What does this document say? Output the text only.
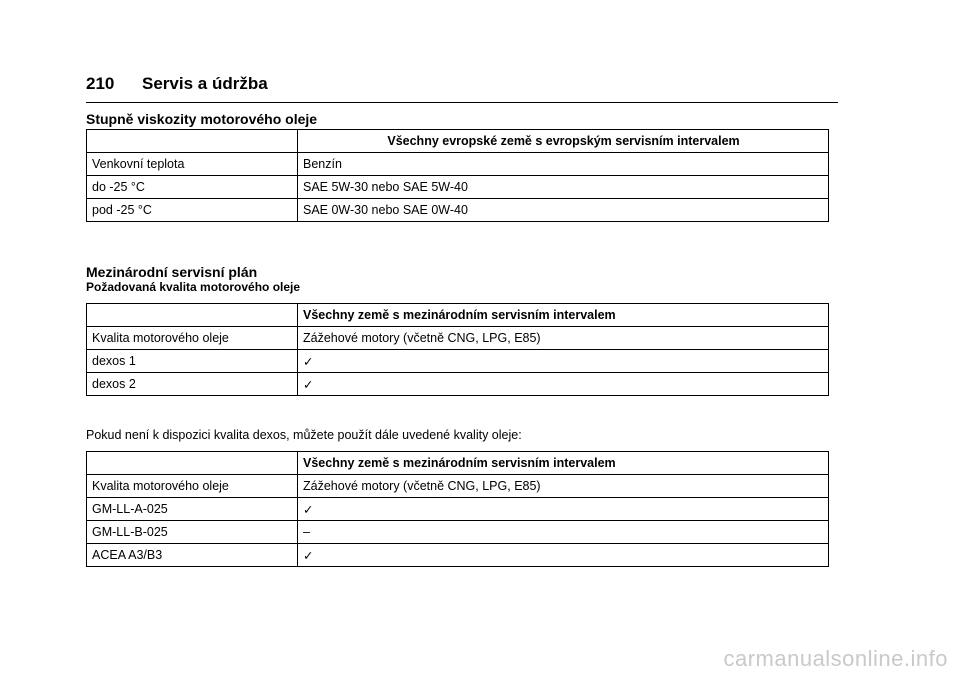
210 Servis a údržba
Stupně viskozity motorového oleje
	Všechny evropské země s evropským servisním intervalem
Venkovní teplota	Benzín
do -25 °C	SAE 5W-30 nebo SAE 5W-40
pod -25 °C	SAE 0W-30 nebo SAE 0W-40
Mezinárodní servisní plán
Požadovaná kvalita motorového oleje
	Všechny země s mezinárodním servisním intervalem
Kvalita motorového oleje	Zážehové motory (včetně CNG, LPG, E85)
dexos 1	✓
dexos 2	✓
Pokud není k dispozici kvalita dexos, můžete použít dále uvedené kvality oleje:
	Všechny země s mezinárodním servisním intervalem
Kvalita motorového oleje	Zážehové motory (včetně CNG, LPG, E85)
GM-LL-A-025	✓
GM-LL-B-025	–
ACEA A3/B3	✓
carmanualsonline.info
